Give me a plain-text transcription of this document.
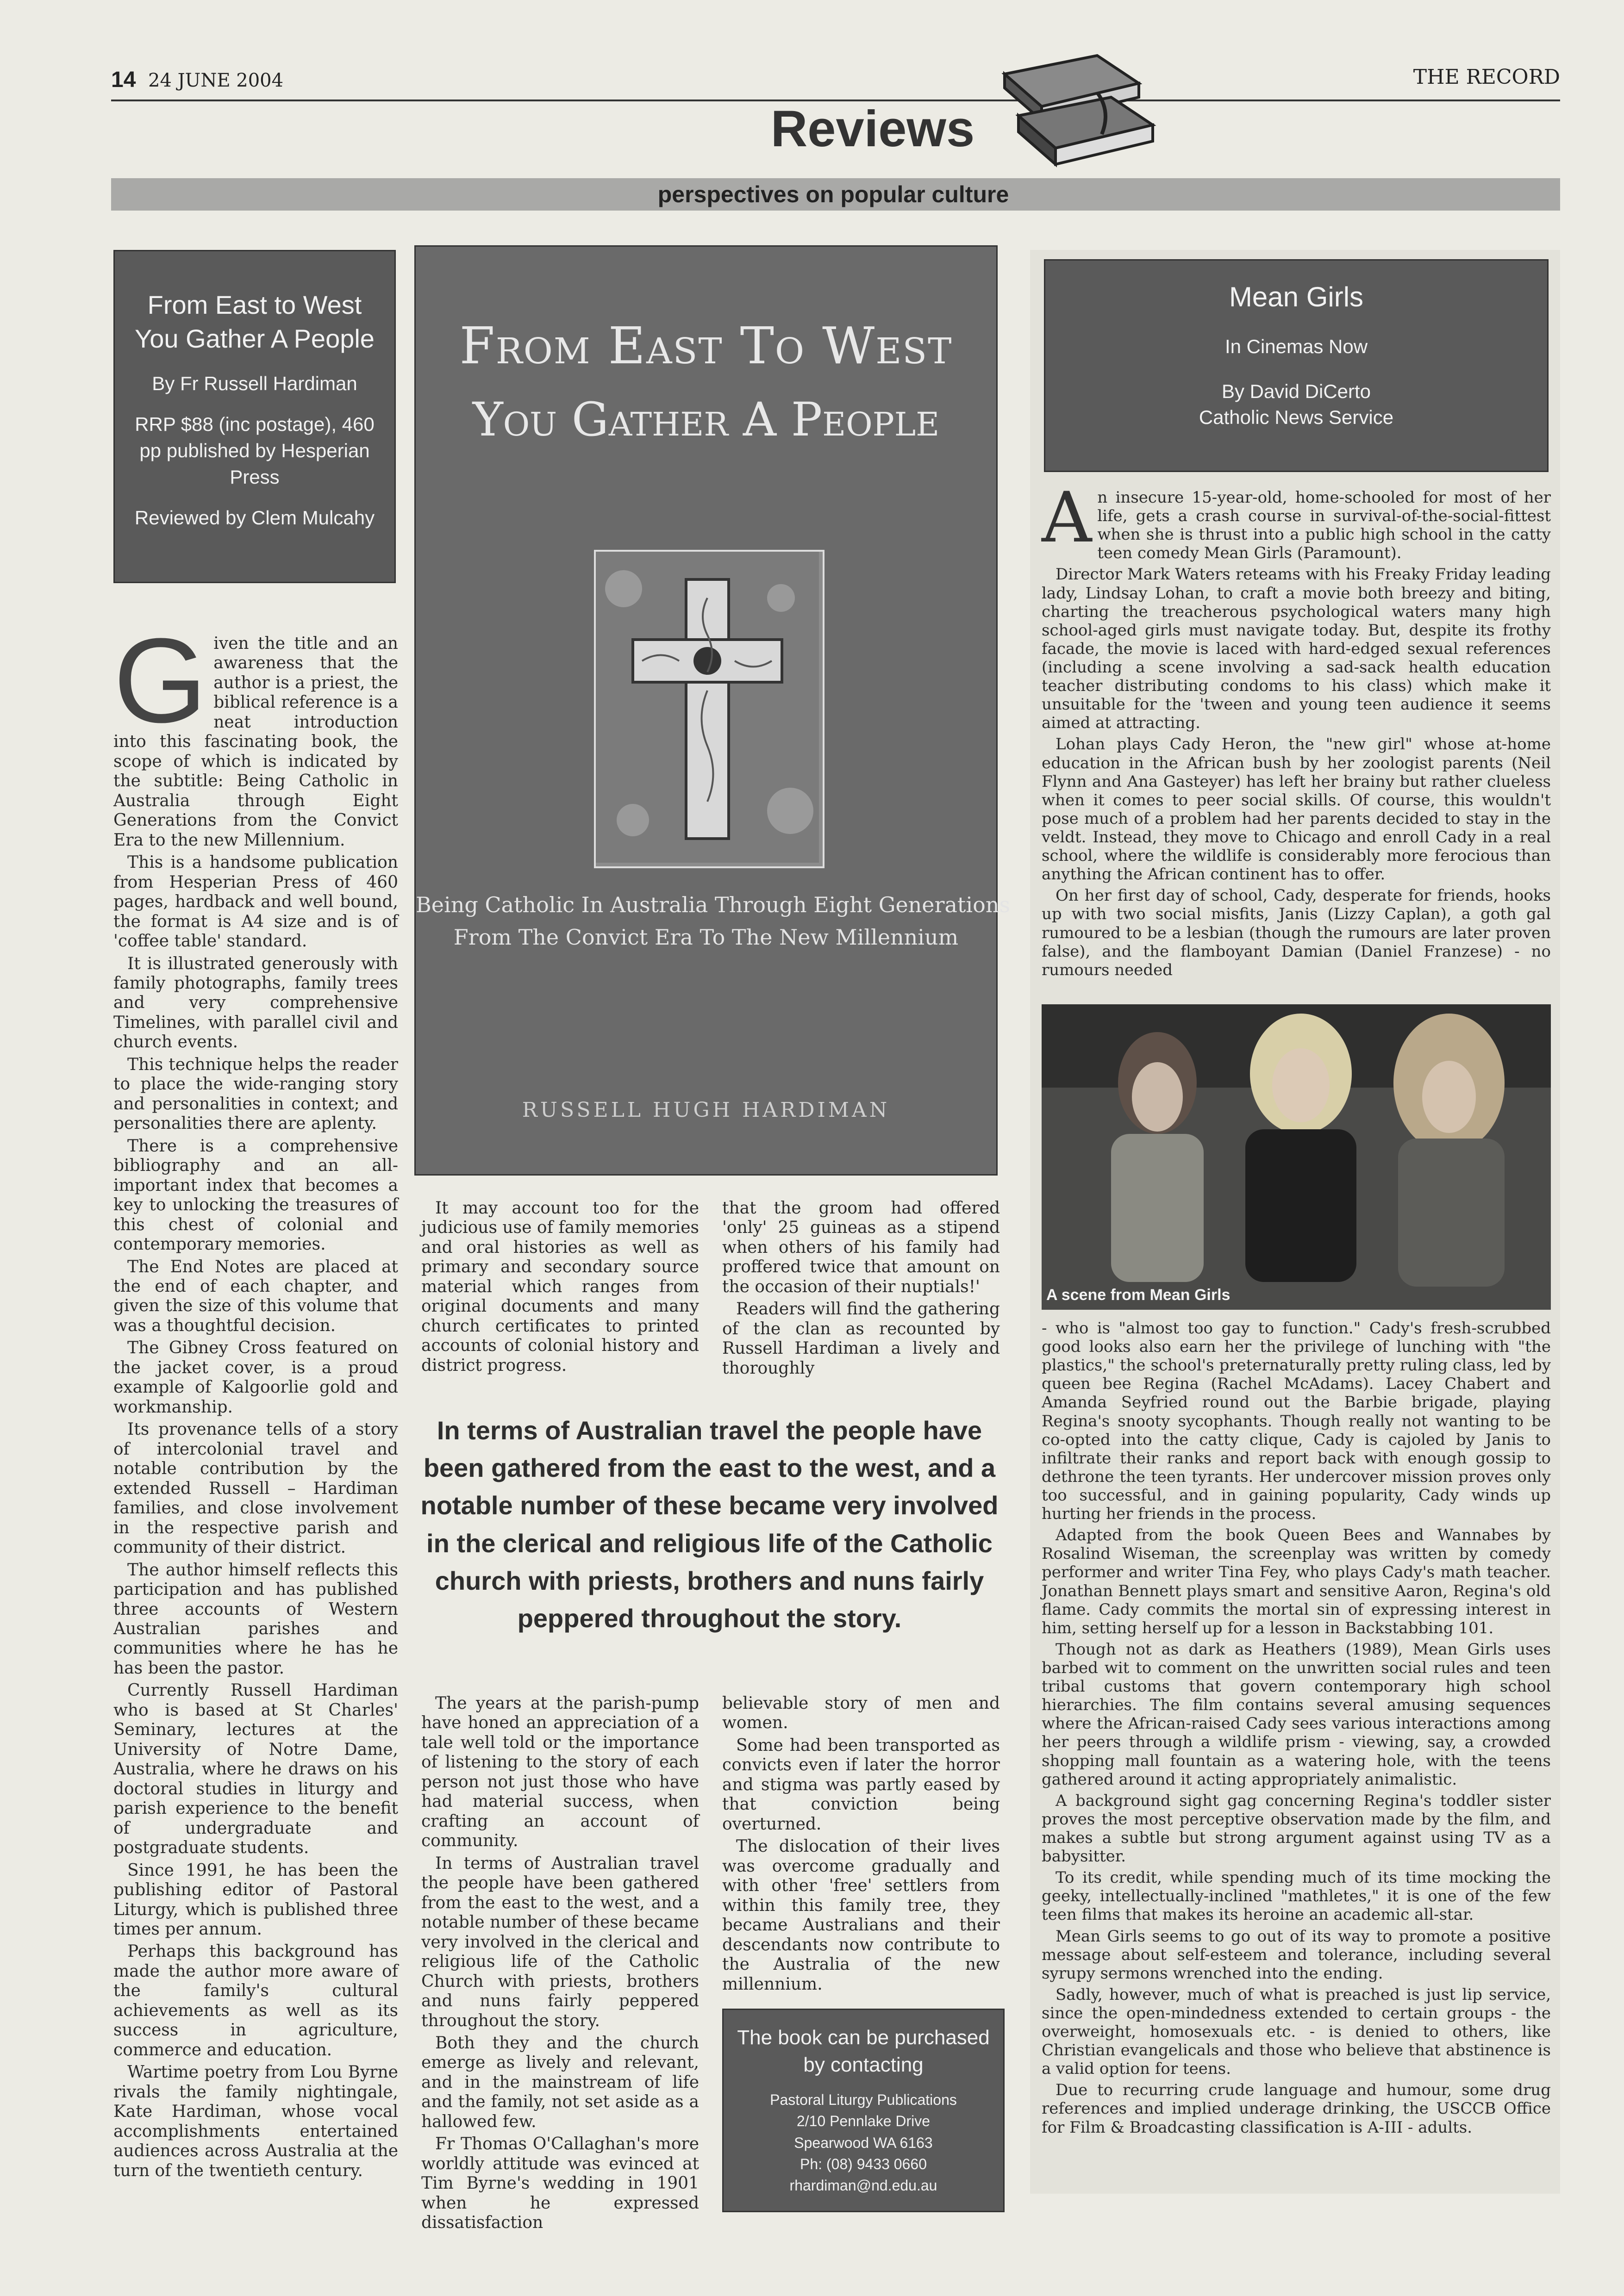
14 24 JUNE 2004	THE RECORD
Reviews
perspectives on popular culture
From East to West You Gather A People
By Fr Russell Hardiman
RRP $88 (inc postage), 460 pp published by Hesperian Press
Reviewed by Clem Mulcahy

Given the title and an awareness that the author is a priest, the biblical reference is a neat introduction into this fascinating book, the scope of which is indicated by the subtitle: Being Catholic in Australia through Eight Generations from the Convict Era to the new Millennium.

This is a handsome publication from Hesperian Press of 460 pages, hardback and well bound, the format is A4 size and is of 'coffee table' standard.

It is illustrated generously with family photographs, family trees and very comprehensive Timelines, with parallel civil and church events.

This technique helps the reader to place the wide-ranging story and personalities in context; and personalities there are aplenty.

There is a comprehensive bibliography and an all-important index that becomes a key to unlocking the treasures of this chest of colonial and contemporary memories.

The End Notes are placed at the end of each chapter, and given the size of this volume that was a thoughtful decision.

The Gibney Cross featured on the jacket cover, is a proud example of Kalgoorlie gold and workmanship.

Its provenance tells of a story of intercolonial travel and notable contribution by the extended Russell – Hardiman families, and close involvement in the respective parish and community of their district.

The author himself reflects this participation and has published three accounts of Western Australian parishes and communities where he has he has been the pastor.

Currently Russell Hardiman who is based at St Charles' Seminary, lectures at the University of Notre Dame, Australia, where he draws on his doctoral studies in liturgy and parish experience to the benefit of undergraduate and postgraduate students.

Since 1991, he has been the publishing editor of Pastoral Liturgy, which is published three times per annum.

Perhaps this background has made the author more aware of the family's cultural achievements as well as its success in agriculture, commerce and education.

Wartime poetry from Lou Byrne rivals the family nightingale, Kate Hardiman, whose vocal accomplishments entertained audiences across Australia at the turn of the twentieth century.

From East To West
You Gather A People
Being Catholic In Australia Through Eight Generations
From The Convict Era To The New Millennium
RUSSELL HUGH HARDIMAN

It may account too for the judicious use of family memories and oral histories as well as primary and secondary source material which ranges from original documents and many church certificates to printed accounts of colonial history and district progress.

that the groom had offered 'only' 25 guineas as a stipend when others of his family had proffered twice that amount on the occasion of their nuptials!'

Readers will find the gathering of the clan as recounted by Russell Hardiman a lively and thoroughly

In terms of Australian travel the people have been gathered from the east to the west, and a notable number of these became very involved in the clerical and religious life of the Catholic church with priests, brothers and nuns fairly peppered throughout the story.

The years at the parish-pump have honed an appreciation of a tale well told or the importance of listening to the story of each person not just those who have had material success, when crafting an account of community.

In terms of Australian travel the people have been gathered from the east to the west, and a notable number of these became very involved in the clerical and religious life of the Catholic Church with priests, brothers and nuns fairly peppered throughout the story.

Both they and the church emerge as lively and relevant, and in the mainstream of life and the family, not set aside as a hallowed few.

Fr Thomas O'Callaghan's more worldly attitude was evinced at Tim Byrne's wedding in 1901 when he expressed dissatisfaction

believable story of men and women.

Some had been transported as convicts even if later the horror and stigma was partly eased by that conviction being overturned.

The dislocation of their lives was overcome gradually and with other 'free' settlers from within this family tree, they became Australians and their descendants now contribute to the Australia of the new millennium.

The book can be purchased by contacting
Pastoral Liturgy Publications
2/10 Pennlake Drive
Spearwood WA 6163
Ph: (08) 9433 0660
rhardiman@nd.edu.au
Mean Girls
In Cinemas Now
By David DiCerto
Catholic News Service

An insecure 15-year-old, home-schooled for most of her life, gets a crash course in survival-of-the-social-fittest when she is thrust into a public high school in the catty teen comedy Mean Girls (Paramount).

Director Mark Waters reteams with his Freaky Friday leading lady, Lindsay Lohan, to craft a movie both breezy and biting, charting the treacherous psychological waters many high school-aged girls must navigate today. But, despite its frothy facade, the movie is laced with hard-edged sexual references (including a scene involving a sad-sack health education teacher distributing condoms to his class) which make it unsuitable for the 'tween and young teen audience it seems aimed at attracting.

Lohan plays Cady Heron, the "new girl" whose at-home education in the African bush by her zoologist parents (Neil Flynn and Ana Gasteyer) has left her brainy but rather clueless when it comes to peer social skills. Of course, this wouldn't pose much of a problem had her parents decided to stay in the veldt. Instead, they move to Chicago and enroll Cady in a real school, where the wildlife is considerably more ferocious than anything the African continent has to offer.

On her first day of school, Cady, desperate for friends, hooks up with two social misfits, Janis (Lizzy Caplan), a goth gal rumoured to be a lesbian (though the rumours are later proven false), and the flamboyant Damian (Daniel Franzese) - no rumours needed

A scene from Mean Girls

- who is "almost too gay to function." Cady's fresh-scrubbed good looks also earn her the privilege of lunching with "the plastics," the school's preternaturally pretty ruling class, led by queen bee Regina (Rachel McAdams). Lacey Chabert and Amanda Seyfried round out the Barbie brigade, playing Regina's snooty sycophants. Though really not wanting to be co-opted into the catty clique, Cady is cajoled by Janis to infiltrate their ranks and report back with enough gossip to dethrone the teen tyrants. Her undercover mission proves only too successful, and in gaining popularity, Cady winds up hurting her friends in the process.

Adapted from the book Queen Bees and Wannabes by Rosalind Wiseman, the screenplay was written by comedy performer and writer Tina Fey, who plays Cady's math teacher. Jonathan Bennett plays smart and sensitive Aaron, Regina's old flame. Cady commits the mortal sin of expressing interest in him, setting herself up for a lesson in Backstabbing 101.

Though not as dark as Heathers (1989), Mean Girls uses barbed wit to comment on the unwritten social rules and teen tribal customs that govern contemporary high school hierarchies. The film contains several amusing sequences where the African-raised Cady sees various interactions among her peers through a wildlife prism - viewing, say, a crowded shopping mall fountain as a watering hole, with the teens gathered around it acting appropriately animalistic.

A background sight gag concerning Regina's toddler sister proves the most perceptive observation made by the film, and makes a subtle but strong argument against using TV as a babysitter.

To its credit, while spending much of its time mocking the geeky, intellectually-inclined "mathletes," it is one of the few teen films that makes its heroine an academic all-star.

Mean Girls seems to go out of its way to promote a positive message about self-esteem and tolerance, including several syrupy sermons wrenched into the ending.

Sadly, however, much of what is preached is just lip service, since the open-mindedness extended to certain groups - the overweight, homosexuals etc. - is denied to others, like Christian evangelicals and those who believe that abstinence is a valid option for teens.

Due to recurring crude language and humour, some drug references and implied underage drinking, the USCCB Office for Film & Broadcasting classification is A-III - adults.
